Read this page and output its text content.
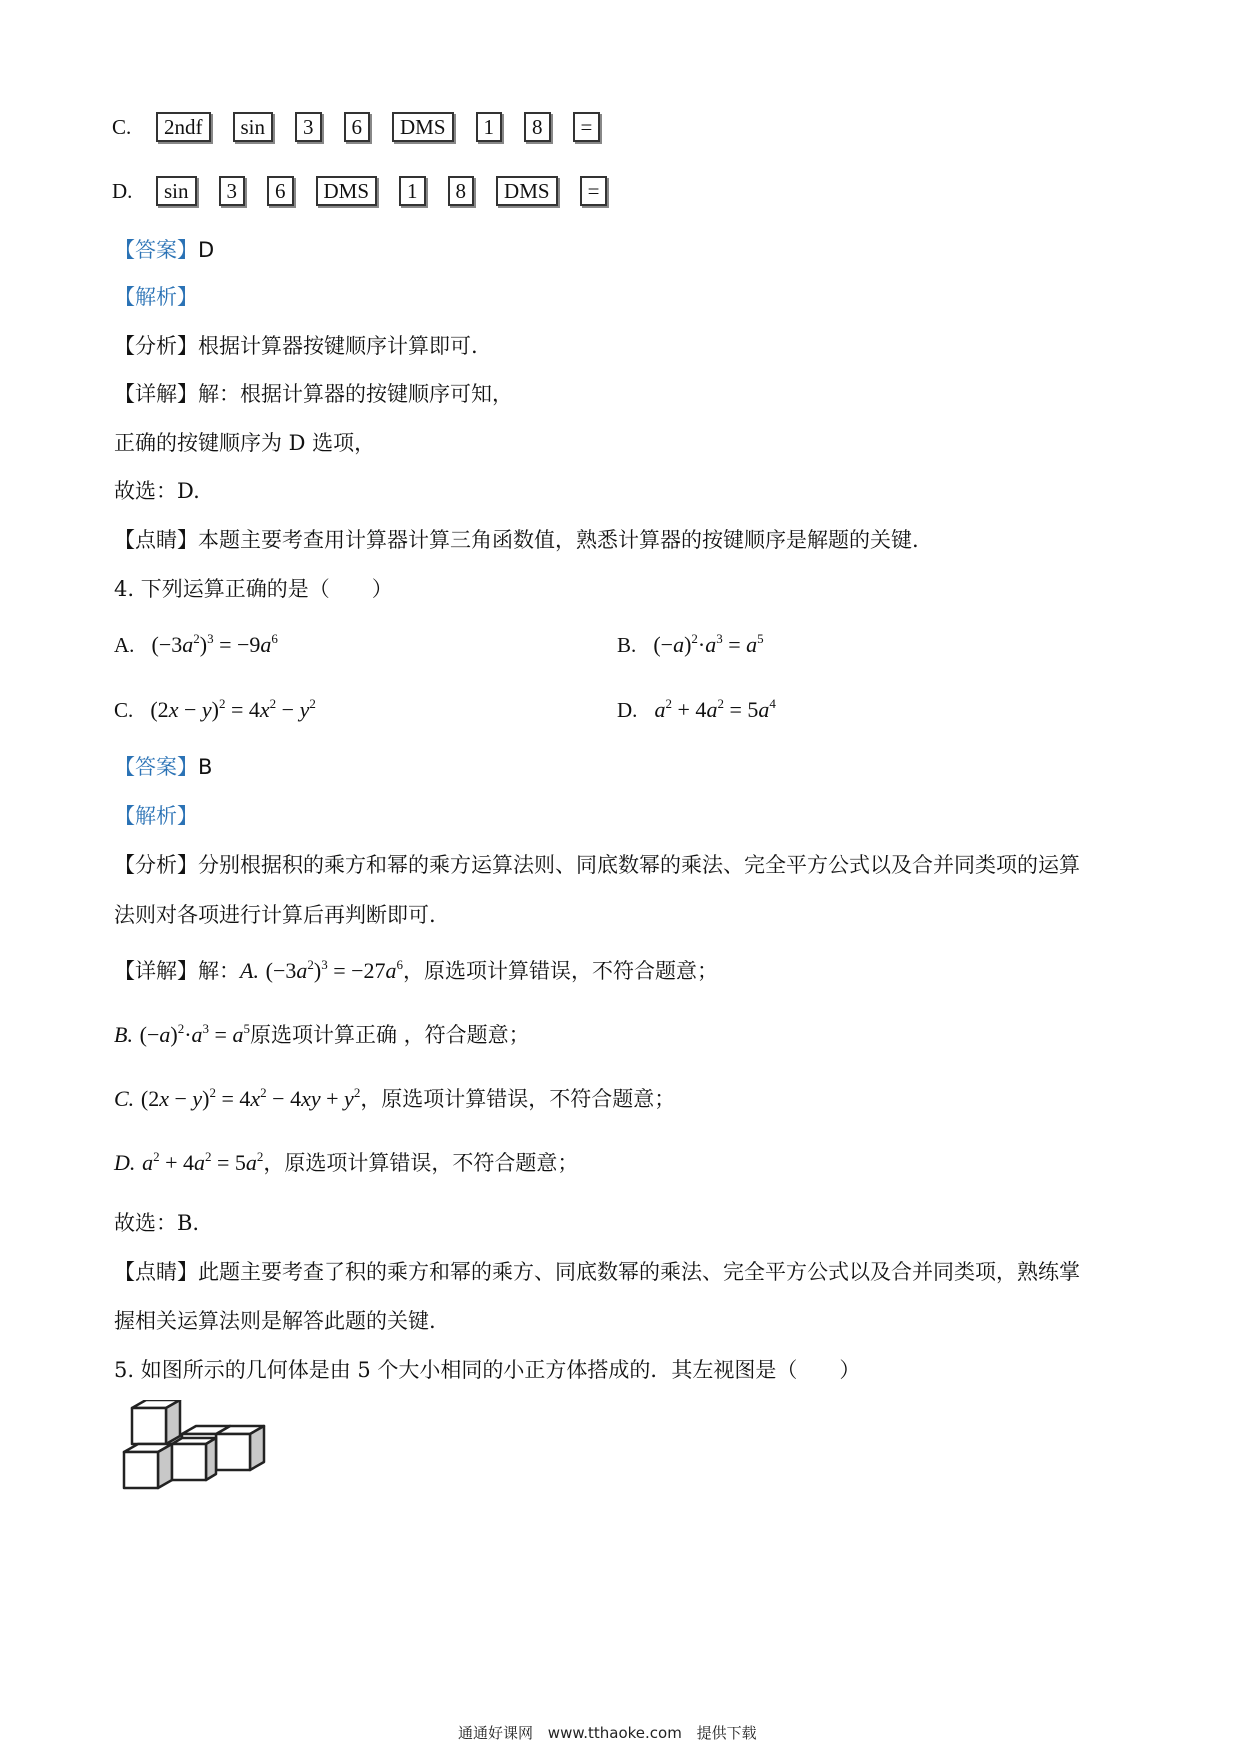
C.	2ndf	sin	3	6	DMS	1	8	=
D.	sin	3	6	DMS	1	8	DMS	=
【答案】D
【解析】
【分析】根据计算器按键顺序计算即可.
【详解】解：根据计算器的按键顺序可知，
正确的按键顺序为 D 选项，
故选：D.
【点睛】本题主要考查用计算器计算三角函数值，熟悉计算器的按键顺序是解题的关键.
4. 下列运算正确的是（　　）
A. $(-3a^2)^3 = -9a^6$	B. $(-a)^2\cdot a^3 = a^5$
C. $(2x - y)^2 = 4x^2 - y^2$	D. $a^2 + 4a^2 = 5a^4$
【答案】B
【解析】
【分析】分别根据积的乘方和幂的乘方运算法则、同底数幂的乘法、完全平方公式以及合并同类项的运算
法则对各项进行计算后再判断即可.
【详解】解：A. $(-3a^2)^3 = -27a^6$，原选项计算错误，不符合题意；
B. $(-a)^2\cdot a^3 = a^5$原选项计算正确 ，符合题意；
C. $(2x - y)^2 = 4x^2 - 4xy + y^2$，原选项计算错误，不符合题意；
D. $a^2 + 4a^2 = 5a^2$，原选项计算错误，不符合题意；
故选：B.
【点睛】此题主要考查了积的乘方和幂的乘方、同底数幂的乘法、完全平方公式以及合并同类项，熟练掌
握相关运算法则是解答此题的关键.
5. 如图所示的几何体是由 5 个大小相同的小正方体搭成的．其左视图是（　　）
通通好课网 www.tthaoke.com 提供下载
